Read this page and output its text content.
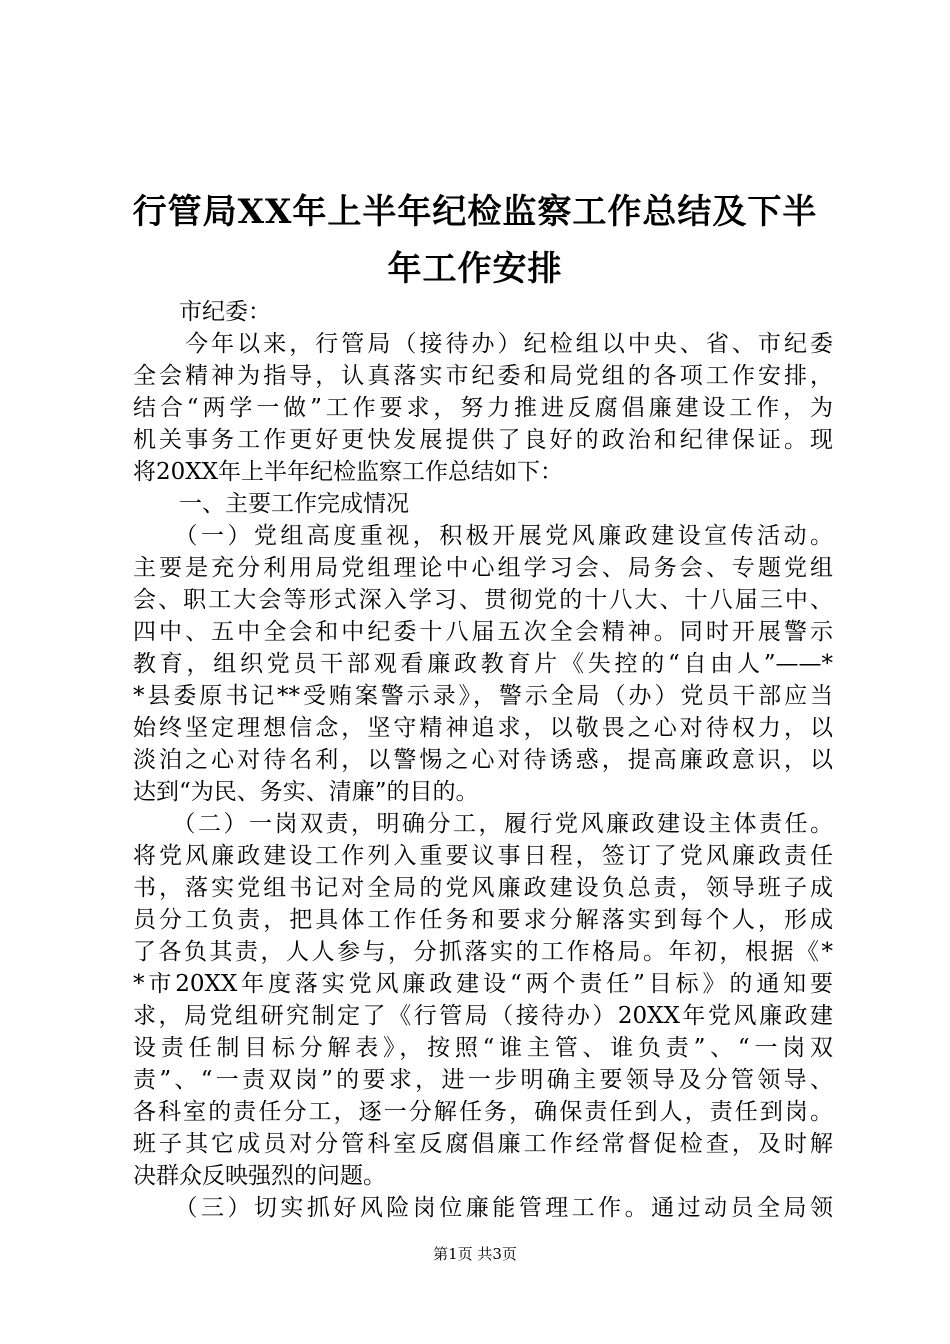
行管局XX年上半年纪检监察工作总结及下半
年工作安排
　　市纪委：
　　今年以来，行管局（接待办）纪检组以中央、省、市纪委
全会精神为指导，认真落实市纪委和局党组的各项工作安排，
结合“两学一做”工作要求，努力推进反腐倡廉建设工作，为
机关事务工作更好更快发展提供了良好的政治和纪律保证。现
将20XX年上半年纪检监察工作总结如下：
　　一、主要工作完成情况
　　（一）党组高度重视，积极开展党风廉政建设宣传活动。
主要是充分利用局党组理论中心组学习会、局务会、专题党组
会、职工大会等形式深入学习、贯彻党的十八大、十八届三中、
四中、五中全会和中纪委十八届五次全会精神。同时开展警示
教育，组织党员干部观看廉政教育片《失控的“自由人”——*
*县委原书记**受贿案警示录》，警示全局（办）党员干部应当
始终坚定理想信念，坚守精神追求，以敬畏之心对待权力，以
淡泊之心对待名利，以警惕之心对待诱惑，提高廉政意识，以
达到“为民、务实、清廉”的目的。
　　（二）一岗双责，明确分工，履行党风廉政建设主体责任。
将党风廉政建设工作列入重要议事日程，签订了党风廉政责任
书，落实党组书记对全局的党风廉政建设负总责，领导班子成
员分工负责，把具体工作任务和要求分解落实到每个人，形成
了各负其责，人人参与，分抓落实的工作格局。年初，根据《*
*市20XX年度落实党风廉政建设“两个责任”目标》的通知要
求，局党组研究制定了《行管局（接待办）20XX年党风廉政建
设责任制目标分解表》，按照“谁主管、谁负责”、“一岗双
责”、“一责双岗”的要求，进一步明确主要领导及分管领导、
各科室的责任分工，逐一分解任务，确保责任到人，责任到岗。
班子其它成员对分管科室反腐倡廉工作经常督促检查，及时解
决群众反映强烈的问题。
　　（三）切实抓好风险岗位廉能管理工作。通过动员全局领
第1页 共3页
